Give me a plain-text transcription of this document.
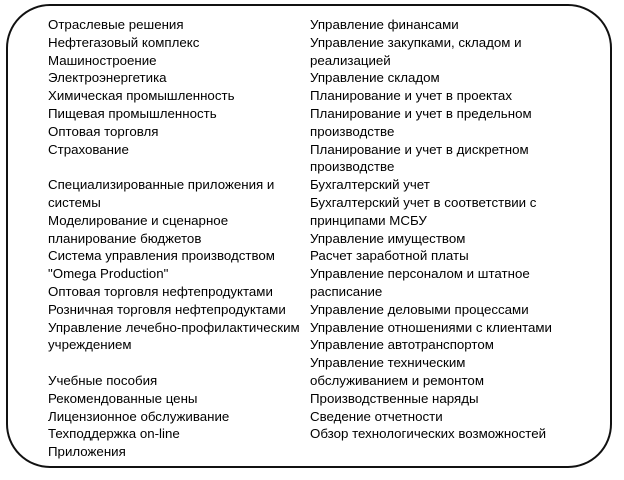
Отраслевые решения
Нефтегазовый комплекс
Машиностроение
Электроэнергетика
Химическая промышленность
Пищевая промышленность
Оптовая торговля
Страхование
Специализированные приложения и
системы
Моделирование и сценарное
планирование бюджетов
Система управления производством
"Omega Production"
Оптовая торговля нефтепродуктами
Розничная торговля нефтепродуктами
Управление лечебно-профилактическим
учреждением
Учебные пособия
Рекомендованные цены
Лицензионное обслуживание
Техподдержка on-line
Приложения
Управление финансами
Управление закупками, складом и
реализацией
Управление складом
Планирование и учет в проектах
Планирование и учет в предельном
производстве
Планирование и учет в дискретном
производстве
Бухгалтерский учет
Бухгалтерский учет в соответствии с
принципами МСБУ
Управление имуществом
Расчет заработной платы
Управление персоналом и штатное
расписание
Управление деловыми процессами
Управление отношениями с клиентами
Управление автотранспортом
Управление техническим
обслуживанием и ремонтом
Производственные наряды
Сведение отчетности
Обзор технологических возможностей
